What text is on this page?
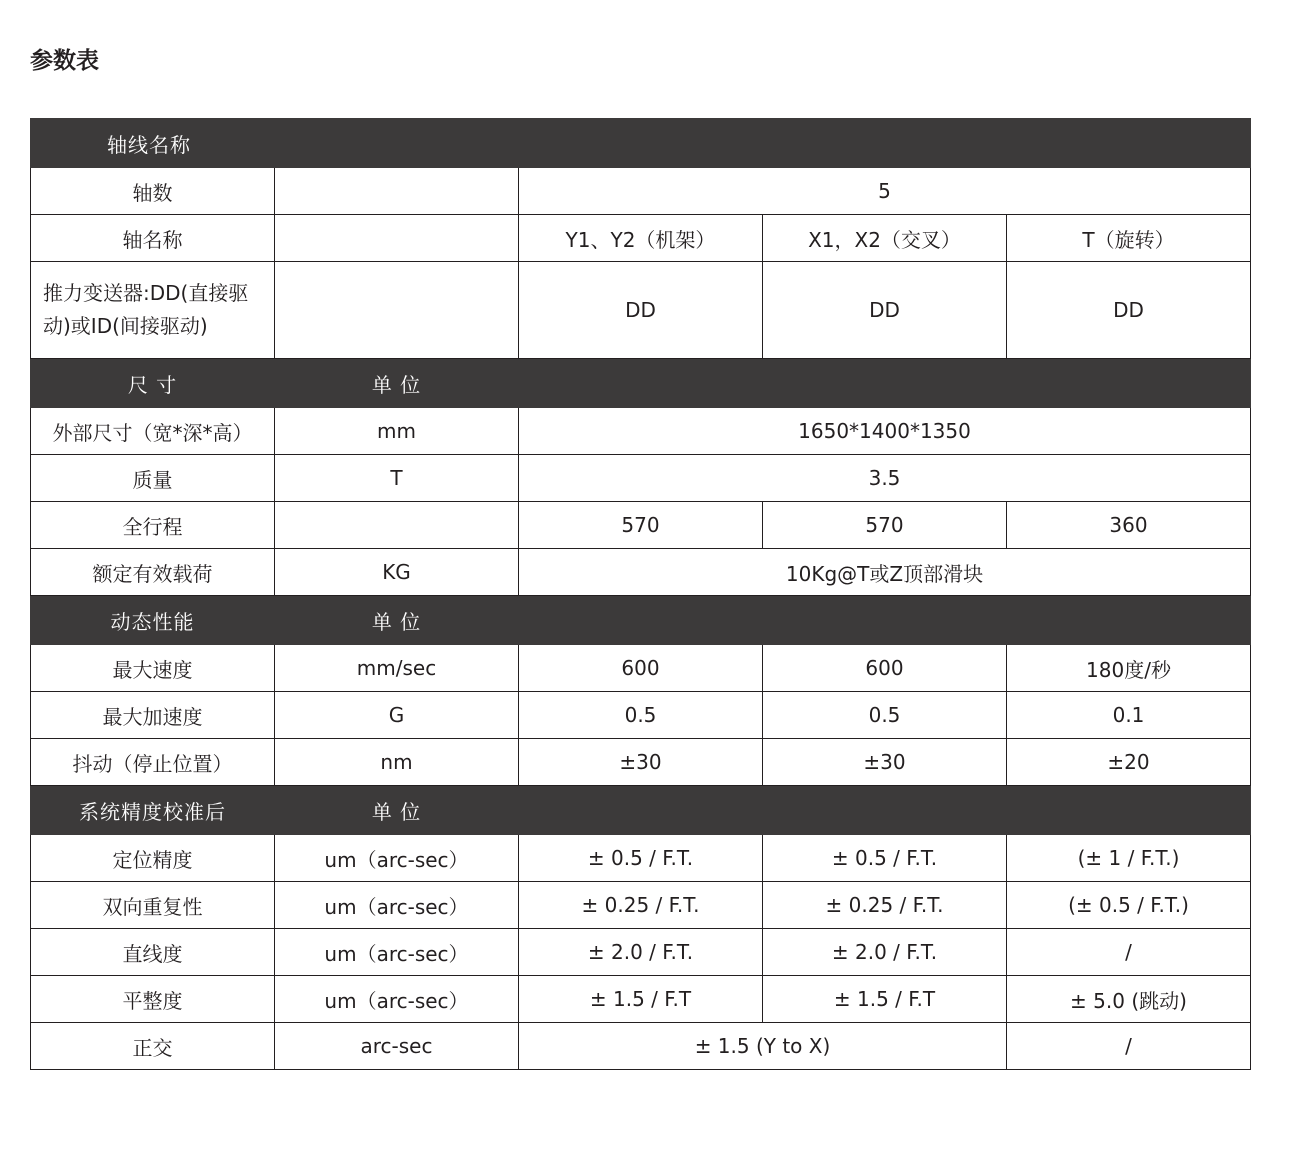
参数表
轴线名称				
轴数		5		
轴名称		Y1、Y2（机架）	X1，X2（交叉）	T（旋转）
推力变送器:DD(直接驱动)或ID(间接驱动)		DD	DD	DD
尺 寸	单 位			
外部尺寸（宽*深*高）	mm	1650*1400*1350		
质量	T	3.5		
全行程		570	570	360
额定有效载荷	KG	10Kg@T或Z顶部滑块		
动态性能	单 位			
最大速度	mm/sec	600	600	180度/秒
最大加速度	G	0.5	0.5	0.1
抖动（停止位置）	nm	±30	±30	±20
系统精度校准后	单 位			
定位精度	um（arc-sec）	± 0.5 / F.T.	± 0.5 / F.T.	(± 1 / F.T.)
双向重复性	um（arc-sec）	± 0.25 / F.T.	± 0.25 / F.T.	(± 0.5 / F.T.)
直线度	um（arc-sec）	± 2.0 / F.T.	± 2.0 / F.T.	/
平整度	um（arc-sec）	± 1.5 / F.T	± 1.5 / F.T	± 5.0 (跳动)
正交	arc-sec	± 1.5 (Y to X)		/
